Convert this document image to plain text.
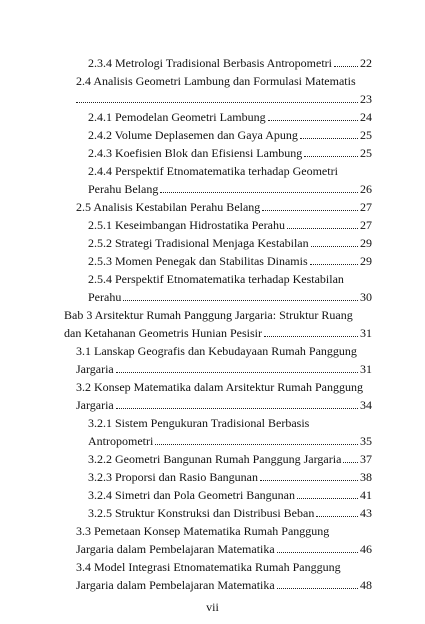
2.3.4 Metrologi Tradisional Berbasis Antropometri 22
2.4 Analisis Geometri Lambung dan Formulasi Matematis
23
2.4.1 Pemodelan Geometri Lambung	24
2.4.2 Volume Deplasemen dan Gaya Apung	25
2.4.3 Koefisien Blok dan Efisiensi Lambung	25
2.4.4 Perspektif Etnomatematika terhadap Geometri
Perahu Belang	26
2.5 Analisis Kestabilan Perahu Belang	27
2.5.1 Keseimbangan Hidrostatika Perahu	27
2.5.2 Strategi Tradisional Menjaga Kestabilan	29
2.5.3 Momen Penegak dan Stabilitas Dinamis	29
2.5.4 Perspektif Etnomatematika terhadap Kestabilan
Perahu	30
Bab 3 Arsitektur Rumah Panggung Jargaria: Struktur Ruang
dan Ketahanan Geometris Hunian Pesisir	31
3.1 Lanskap Geografis dan Kebudayaan Rumah Panggung
Jargaria	31
3.2 Konsep Matematika dalam Arsitektur Rumah Panggung
Jargaria	34
3.2.1 Sistem Pengukuran Tradisional Berbasis
Antropometri	35
3.2.2 Geometri Bangunan Rumah Panggung Jargaria 37
3.2.3 Proporsi dan Rasio Bangunan	38
3.2.4 Simetri dan Pola Geometri Bangunan	41
3.2.5 Struktur Konstruksi dan Distribusi Beban	43
3.3 Pemetaan Konsep Matematika Rumah Panggung
Jargaria dalam Pembelajaran Matematika	46
3.4 Model Integrasi Etnomatematika Rumah Panggung
Jargaria dalam Pembelajaran Matematika	48
vii
